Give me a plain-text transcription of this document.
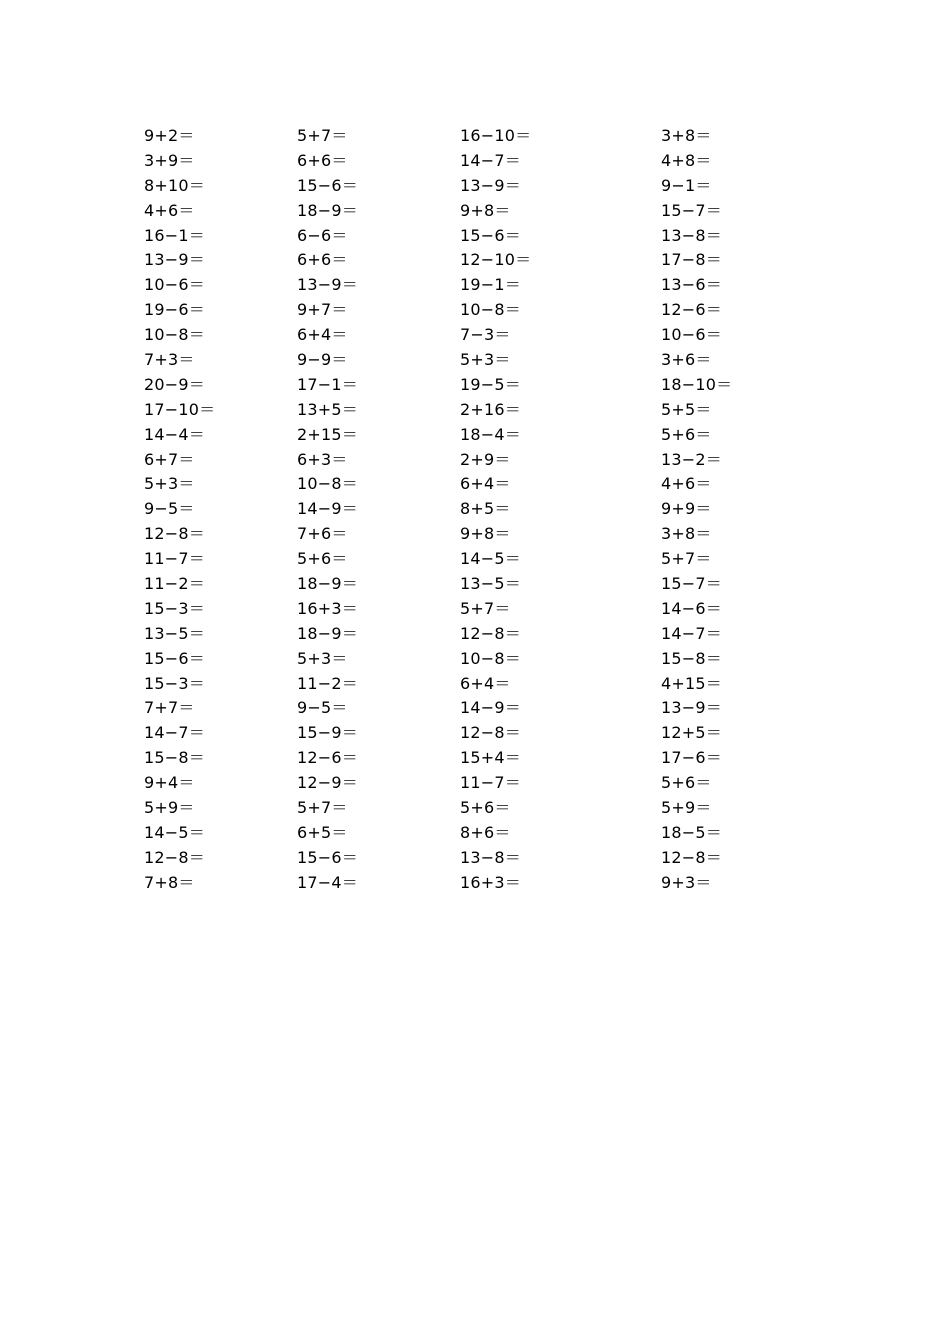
9+2＝	5+7＝	16−10＝	3+8＝
3+9＝	6+6＝	14−7＝	4+8＝
8+10＝	15−6＝	13−9＝	9−1＝
4+6＝	18−9＝	9+8＝	15−7＝
16−1＝	6−6＝	15−6＝	13−8＝
13−9＝	6+6＝	12−10＝	17−8＝
10−6＝	13−9＝	19−1＝	13−6＝
19−6＝	9+7＝	10−8＝	12−6＝
10−8＝	6+4＝	7−3＝	10−6＝
7+3＝	9−9＝	5+3＝	3+6＝
20−9＝	17−1＝	19−5＝	18−10＝
17−10＝	13+5＝	2+16＝	5+5＝
14−4＝	2+15＝	18−4＝	5+6＝
6+7＝	6+3＝	2+9＝	13−2＝
5+3＝	10−8＝	6+4＝	4+6＝
9−5＝	14−9＝	8+5＝	9+9＝
12−8＝	7+6＝	9+8＝	3+8＝
11−7＝	5+6＝	14−5＝	5+7＝
11−2＝	18−9＝	13−5＝	15−7＝
15−3＝	16+3＝	5+7＝	14−6＝
13−5＝	18−9＝	12−8＝	14−7＝
15−6＝	5+3＝	10−8＝	15−8＝
15−3＝	11−2＝	6+4＝	4+15＝
7+7＝	9−5＝	14−9＝	13−9＝
14−7＝	15−9＝	12−8＝	12+5＝
15−8＝	12−6＝	15+4＝	17−6＝
9+4＝	12−9＝	11−7＝	5+6＝
5+9＝	5+7＝	5+6＝	5+9＝
14−5＝	6+5＝	8+6＝	18−5＝
12−8＝	15−6＝	13−8＝	12−8＝
7+8＝	17−4＝	16+3＝	9+3＝
